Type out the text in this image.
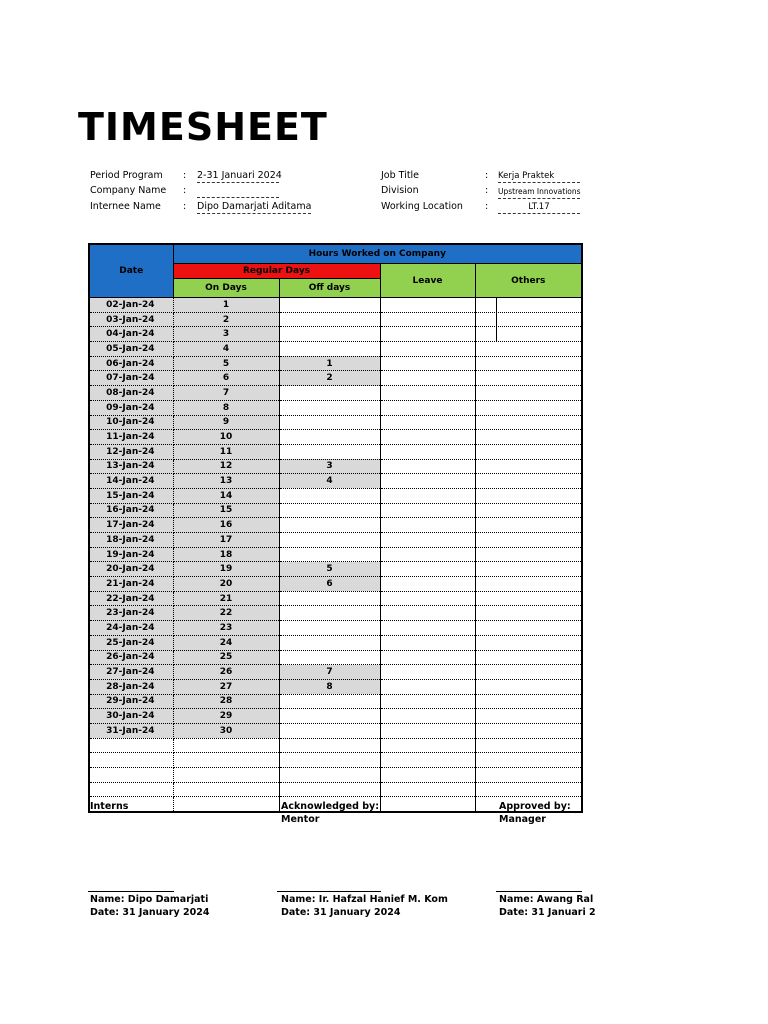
TIMESHEET
Period Program : 2-31 Januari 2024
Company Name :
Internee Name : Dipo Damarjati Aditama
Job Title	: Kerja Praktek
Division	: Upstream Innovations
Working Location :	LT.17
Date	Hours Worked on Company			
	Regular Days		Leave	Others
	On Days	Off days		
02-Jan-24	1			

03-Jan-24	2			

04-Jan-24	3			

05-Jan-24	4			
06-Jan-24	5	1		
07-Jan-24	6	2		
08-Jan-24	7			
09-Jan-24	8			
10-Jan-24	9			
11-Jan-24	10			
12-Jan-24	11			
13-Jan-24	12	3		
14-Jan-24	13	4		
15-Jan-24	14			
16-Jan-24	15			
17-Jan-24	16			
18-Jan-24	17			
19-Jan-24	18			
20-Jan-24	19	5		
21-Jan-24	20	6		
22-Jan-24	21			
23-Jan-24	22			
24-Jan-24	23			
25-Jan-24	24			
26-Jan-24	25			
27-Jan-24	26	7		
28-Jan-24	27	8		
29-Jan-24	28			
30-Jan-24	29			
31-Jan-24	30			

Interns	Acknowledged by:
Mentor
Approved by:
Manager
Name: Dipo Damarjati
Date: 31 January 2024
Name: Ir. Hafzal Hanief M. Kom
Date: 31 January 2024
Name: Awang Ral
Date: 31 Januari 2
